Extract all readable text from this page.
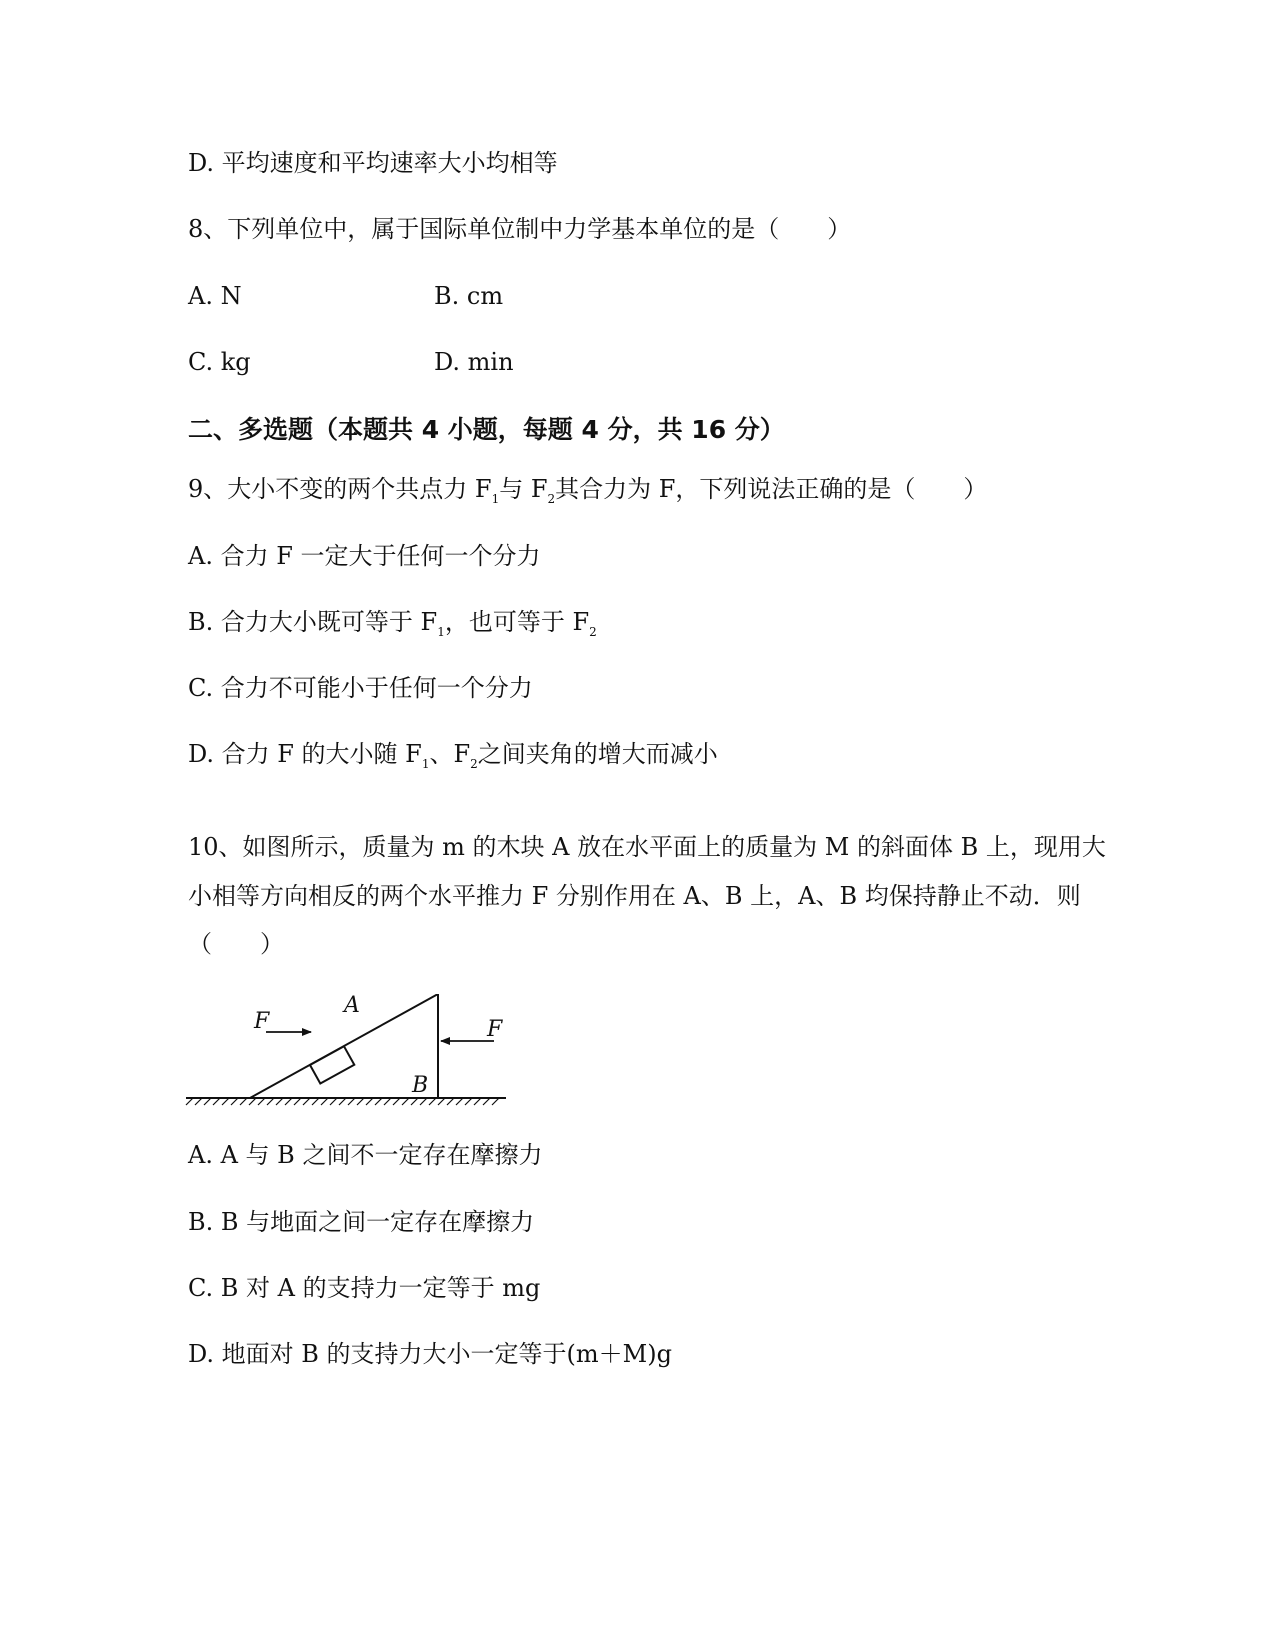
D. 平均速度和平均速率大小均相等
8、下列单位中，属于国际单位制中力学基本单位的是（　　）
A. N	B. cm
C. kg	D. min
二、多选题（本题共 4 小题，每题 4 分，共 16 分）
9、大小不变的两个共点力 $F_1$与 $F_2$其合力为 F，下列说法正确的是（　　）
A. 合力 F 一定大于任何一个分力
B. 合力大小既可等于 $F_1$，也可等于 $F_2$
C. 合力不可能小于任何一个分力
D. 合力 F 的大小随 $F_1$、$F_2$之间夹角的增大而减小
10、如图所示，质量为 m 的木块 A 放在水平面上的质量为 M 的斜面体 B 上，现用大
小相等方向相反的两个水平推力 F 分别作用在 A、B 上，A、B 均保持静止不动．则
（　　）
F
A
F
B
A. A 与 B 之间不一定存在摩擦力
B. B 与地面之间一定存在摩擦力
C. B 对 A 的支持力一定等于 mg
D. 地面对 B 的支持力大小一定等于(m＋M)g
